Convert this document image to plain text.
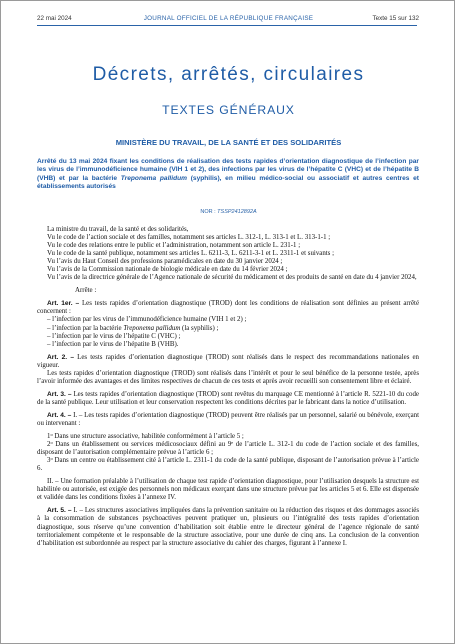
22 mai 2024	JOURNAL OFFICIEL DE LA RÉPUBLIQUE FRANÇAISE	Texte 15 sur 132
Décrets, arrêtés, circulaires
TEXTES GÉNÉRAUX
MINISTÈRE DU TRAVAIL, DE LA SANTÉ ET DES SOLIDARITÉS
Arrêté du 13 mai 2024 fixant les conditions de réalisation des tests rapides d’orientation diagnostique de l’infection par les virus de l’immunodéficience humaine (VIH 1 et 2), des infections par les virus de l’hépatite C (VHC) et de l’hépatite B (VHB) et par la bactérie Treponema pallidum (syphilis), en milieu médico-social ou associatif et autres centres et établissements autorisés
NOR : TSSP2412892A

La ministre du travail, de la santé et des solidarités,

Vu le code de l’action sociale et des familles, notamment ses articles L. 312-1, L. 313-1 et L. 313-1-1 ;

Vu le code des relations entre le public et l’administration, notamment son article L. 231-1 ;

Vu le code de la santé publique, notamment ses articles L. 6211-3, L. 6211-3-1 et L. 2311-1 et suivants ;

Vu l’avis du Haut Conseil des professions paramédicales en date du 30 janvier 2024 ;

Vu l’avis de la Commission nationale de biologie médicale en date du 14 février 2024 ;

Vu l’avis de la directrice générale de l’Agence nationale de sécurité du médicament et des produits de santé en date du 4 janvier 2024,

Arrête :

Art. 1er. – Les tests rapides d’orientation diagnostique (TROD) dont les conditions de réalisation sont définies au présent arrêté concernent :

– l’infection par les virus de l’immunodéficience humaine (VIH 1 et 2) ;

– l’infection par la bactérie Treponema pallidum (la syphilis) ;

– l’infection par le virus de l’hépatite C (VHC) ;

– l’infection par le virus de l’hépatite B (VHB).

Art. 2. – Les tests rapides d’orientation diagnostique (TROD) sont réalisés dans le respect des recommandations nationales en vigueur.

Les tests rapides d’orientation diagnostique (TROD) sont réalisés dans l’intérêt et pour le seul bénéfice de la personne testée, après l’avoir informée des avantages et des limites respectives de chacun de ces tests et après avoir recueilli son consentement libre et éclairé.

Art. 3. – Les tests rapides d’orientation diagnostique (TROD) sont revêtus du marquage CE mentionné à l’article R. 5221-10 du code de la santé publique. Leur utilisation et leur conservation respectent les conditions décrites par le fabricant dans la notice d’utilisation.

Art. 4. – I. – Les tests rapides d’orientation diagnostique (TROD) peuvent être réalisés par un personnel, salarié ou bénévole, exerçant ou intervenant :

1$^o$ Dans une structure associative, habilitée conformément à l’article 5 ;

2$^o$ Dans un établissement ou services médicosociaux défini au 9e de l’article L. 312-1 du code de l’action sociale et des familles, disposant de l’autorisation complémentaire prévue à l’article 6 ;

3$^o$ Dans un centre ou établissement cité à l’article L. 2311-1 du code de la santé publique, disposant de l’autorisation prévue à l’article 6.

II. – Une formation préalable à l’utilisation de chaque test rapide d’orientation diagnostique, pour l’utilisation desquels la structure est habilitée ou autorisée, est exigée des personnels non médicaux exerçant dans une structure prévue par les articles 5 et 6. Elle est dispensée et validée dans les conditions fixées à l’annexe IV.

Art. 5. – I. – Les structures associatives impliquées dans la prévention sanitaire ou la réduction des risques et des dommages associés à la consommation de substances psychoactives peuvent pratiquer un, plusieurs ou l’intégralité des tests rapides d’orientation diagnostique, sous réserve qu’une convention d’habilitation soit établie entre le directeur général de l’agence régionale de santé territorialement compétente et le responsable de la structure associative, pour une durée de cinq ans. La conclusion de la convention d’habilitation est subordonnée au respect par la structure associative du cahier des charges, figurant à l’annexe I.
